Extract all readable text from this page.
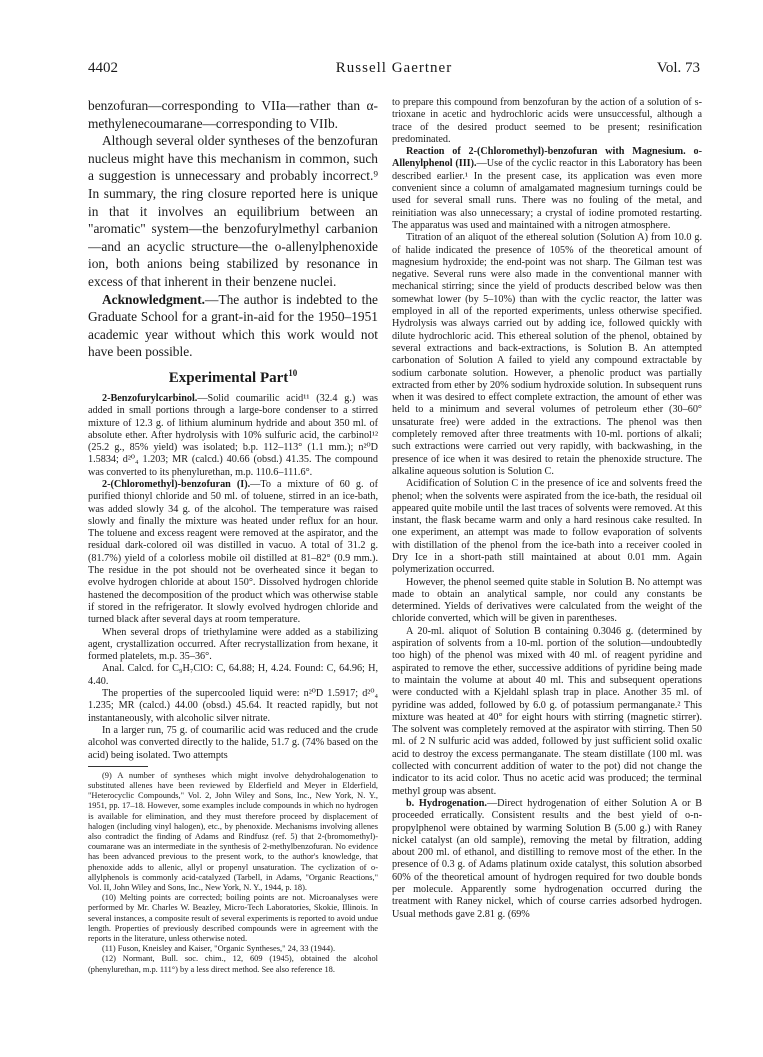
4402	Russell Gaertner	Vol. 73

benzofuran—corresponding to VIIa—rather than α-methylenecoumarane—corresponding to VIIb.

Although several older syntheses of the benzofuran nucleus might have this mechanism in common, such a suggestion is unnecessary and probably incorrect.⁹ In summary, the ring closure reported here is unique in that it involves an equilibrium between an "aromatic" system—the benzofurylmethyl carbanion—and an acyclic structure—the o-allenylphenoxide ion, both anions being stabilized by resonance in excess of that inherent in their benzene nuclei.

Acknowledgment.—The author is indebted to the Graduate School for a grant-in-aid for the 1950–1951 academic year without which this work would not have been possible.

Experimental Part$^{10}$

2-Benzofurylcarbinol.—Solid coumarilic acid¹¹ (32.4 g.) was added in small portions through a large-bore condenser to a stirred mixture of 12.3 g. of lithium aluminum hydride and about 350 ml. of absolute ether. After hydrolysis with 10% sulfuric acid, the carbinol¹² (25.2 g., 85% yield) was isolated; b.p. 112–113° (1.1 mm.); n²⁰D 1.5834; d²⁰₄ 1.203; MR (calcd.) 40.66 (obsd.) 41.35. The compound was converted to its phenylurethan, m.p. 110.6–111.6°.

2-(Chloromethyl)-benzofuran (I).—To a mixture of 60 g. of purified thionyl chloride and 50 ml. of toluene, stirred in an ice-bath, was added slowly 34 g. of the alcohol. The temperature was raised slowly and finally the mixture was heated under reflux for an hour. The toluene and excess reagent were removed at the aspirator, and the residual dark-colored oil was distilled in vacuo. A total of 31.2 g. (81.7%) yield of a colorless mobile oil distilled at 81–82° (0.9 mm.). The residue in the pot should not be overheated since it began to evolve hydrogen chloride at about 150°. Dissolved hydrogen chloride hastened the decomposition of the product which was otherwise stable if stored in the refrigerator. It slowly evolved hydrogen chloride and turned black after several days at room temperature.

When several drops of triethylamine were added as a stabilizing agent, crystallization occurred. After recrystallization from hexane, it formed platelets, m.p. 35–36°.

Anal. Calcd. for C₉H₇ClO: C, 64.88; H, 4.24. Found: C, 64.96; H, 4.40.

The properties of the supercooled liquid were: n²⁰D 1.5917; d²⁰₄ 1.235; MR (calcd.) 44.00 (obsd.) 45.64. It reacted rapidly, but not instantaneously, with alcoholic silver nitrate.

In a larger run, 75 g. of coumarilic acid was reduced and the crude alcohol was converted directly to the halide, 51.7 g. (74% based on the acid) being isolated. Two attempts

(9) A number of syntheses which might involve dehydrohalogenation to substituted allenes have been reviewed by Elderfield and Meyer in Elderfield, "Heterocyclic Compounds," Vol. 2, John Wiley and Sons, Inc., New York, N. Y., 1951, pp. 17–18. However, some examples include compounds in which no hydrogen is available for elimination, and they must therefore proceed by displacement of halogen (including vinyl halogen), etc., by phenoxide. Mechanisms involving allenes also contradict the finding of Adams and Rindfusz (ref. 5) that 2-(bromomethyl)-coumarane was an intermediate in the synthesis of 2-methylbenzofuran. No evidence has been advanced previous to the present work, to the author's knowledge, that phenoxide adds to allenic, allyl or propenyl unsaturation. The cyclization of o-allylphenols is commonly acid-catalyzed (Tarbell, in Adams, "Organic Reactions," Vol. II, John Wiley and Sons, Inc., New York, N. Y., 1944, p. 18).

(10) Melting points are corrected; boiling points are not. Microanalyses were performed by Mr. Charles W. Beazley, Micro-Tech Laboratories, Skokie, Illinois. In several instances, a composite result of several experiments is reported to avoid undue length. Properties of previously described compounds were in agreement with the reports in the literature, unless otherwise noted.

(11) Fuson, Kneisley and Kaiser, "Organic Syntheses," 24, 33 (1944).

(12) Normant, Bull. soc. chim., 12, 609 (1945), obtained the alcohol (phenylurethan, m.p. 111°) by a less direct method. See also reference 18.

to prepare this compound from benzofuran by the action of a solution of s-trioxane in acetic and hydrochloric acids were unsuccessful, although a trace of the desired product seemed to be present; resinification predominated.

Reaction of 2-(Chloromethyl)-benzofuran with Magnesium. o-Allenylphenol (III).—Use of the cyclic reactor in this Laboratory has been described earlier.¹ In the present case, its application was even more convenient since a column of amalgamated magnesium turnings could be used for several small runs. There was no fouling of the metal, and reinitiation was also unnecessary; a crystal of iodine promoted restarting. The apparatus was used and maintained with a nitrogen atmosphere.

Titration of an aliquot of the ethereal solution (Solution A) from 10.0 g. of halide indicated the presence of 105% of the theoretical amount of magnesium hydroxide; the end-point was not sharp. The Gilman test was negative. Several runs were also made in the conventional manner with mechanical stirring; since the yield of products described below was then somewhat lower (by 5–10%) than with the cyclic reactor, the latter was employed in all of the reported experiments, unless otherwise specified. Hydrolysis was always carried out by adding ice, followed quickly with dilute hydrochloric acid. This ethereal solution of the phenol, obtained by several extractions and back-extractions, is Solution B. An attempted carbonation of Solution A failed to yield any compound extractable by sodium carbonate solution. However, a phenolic product was partially extracted from ether by 20% sodium hydroxide solution. In subsequent runs when it was desired to effect complete extraction, the amount of ether was held to a minimum and several volumes of petroleum ether (30–60° unsaturate free) were added in the extractions. The phenol was then completely removed after three treatments with 10-ml. portions of alkali; such extractions were carried out very rapidly, with backwashing, in the presence of ice when it was desired to retain the phenoxide structure. The alkaline aqueous solution is Solution C.

Acidification of Solution C in the presence of ice and solvents freed the phenol; when the solvents were aspirated from the ice-bath, the residual oil appeared quite mobile until the last traces of solvents were removed. At this instant, the flask became warm and only a hard resinous cake resulted. In one experiment, an attempt was made to follow evaporation of solvents with distillation of the phenol from the ice-bath into a receiver cooled in Dry Ice in a short-path still maintained at about 0.01 mm. Again polymerization occurred.

However, the phenol seemed quite stable in Solution B. No attempt was made to obtain an analytical sample, nor could any constants be determined. Yields of derivatives were calculated from the weight of the chloride converted, which will be given in parentheses.

A 20-ml. aliquot of Solution B containing 0.3046 g. (determined by aspiration of solvents from a 10-ml. portion of the solution—undoubtedly too high) of the phenol was mixed with 40 ml. of reagent pyridine and aspirated to remove the ether, successive additions of pyridine being made to maintain the volume at about 40 ml. This and subsequent operations were conducted with a Kjeldahl splash trap in place. Another 35 ml. of pyridine was added, followed by 6.0 g. of potassium permanganate.² This mixture was heated at 40° for eight hours with stirring (magnetic stirrer). The solvent was completely removed at the aspirator with stirring. Then 50 ml. of 2 N sulfuric acid was added, followed by just sufficient solid oxalic acid to destroy the excess permanganate. The steam distillate (100 ml. was collected with concurrent addition of water to the pot) did not change the indicator to its acid color. Thus no acetic acid was produced; the terminal methyl group was absent.

b. Hydrogenation.—Direct hydrogenation of either Solution A or B proceeded erratically. Consistent results and the best yield of o-n-propylphenol were obtained by warming Solution B (5.00 g.) with Raney nickel catalyst (an old sample), removing the metal by filtration, adding about 200 ml. of ethanol, and distilling to remove most of the ether. In the presence of 0.3 g. of Adams platinum oxide catalyst, this solution absorbed 60% of the theoretical amount of hydrogen required for two double bonds per molecule. Apparently some hydrogenation occurred during the treatment with Raney nickel, which of course carries adsorbed hydrogen. Usual methods gave 2.81 g. (69%
